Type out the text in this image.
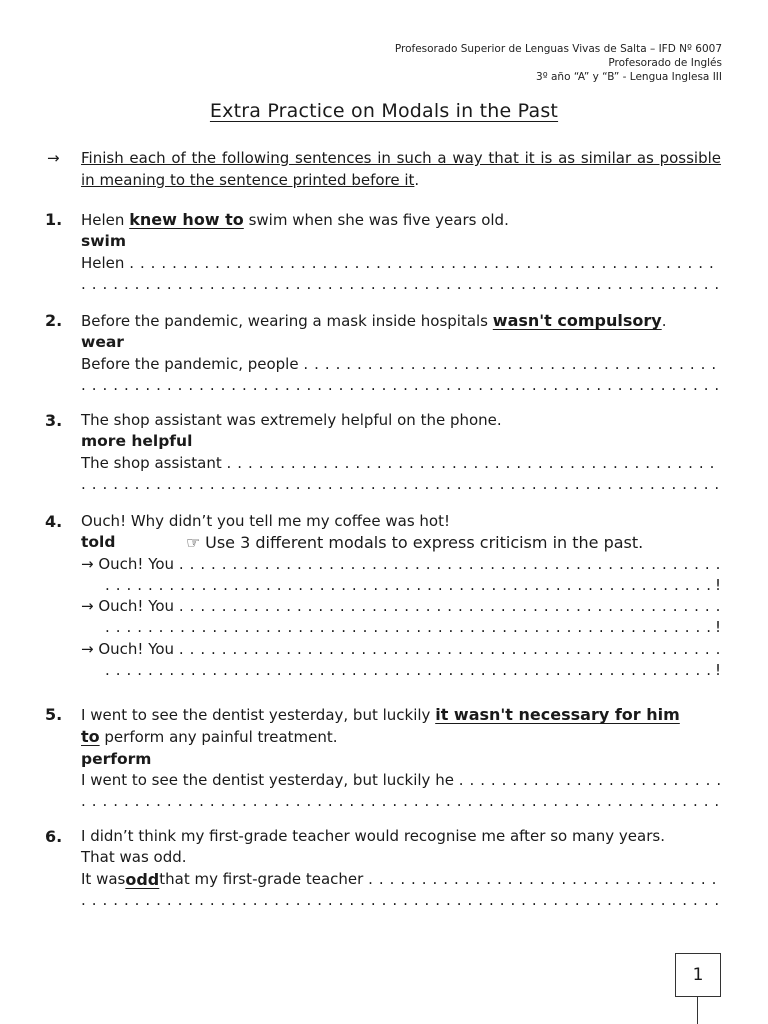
Profesorado Superior de Lenguas Vivas de Salta – IFD Nº 6007
Profesorado de Inglés
3º año “A” y “B” - Lengua Inglesa III
Extra Practice on Modals in the Past
→ Finish each of the following sentences in such a way that it is as similar as possible in meaning to the sentence printed before it.
1. Helen knew how to swim when she was five years old.
swim
Helen

. . .
. . .
2. Before the pandemic, wearing a mask inside hospitals wasn't compulsory.
wear
Before the pandemic, people

. . .
. . .
3. The shop assistant was extremely helpful on the phone.
more helpful
The shop assistant

. . .
. . .
4. Ouch! Why didn’t you tell me my coffee was hot!
told	☞
Use 3 different modals to express criticism in the past.
→
Ouch! You

. . .
. . .
!
→
Ouch! You

. . .
. . .
!
→
Ouch! You

. . .
. . .
!
5. I went to see the dentist yesterday, but luckily it wasn't necessary for him
to perform any painful treatment.
perform
I went to see the dentist yesterday, but luckily he

. . .
. . .
6. I didn’t think my first-grade teacher would recognise me after so many years.
That was odd.
It was odd that my first-grade teacher

. . .
. . .
1
